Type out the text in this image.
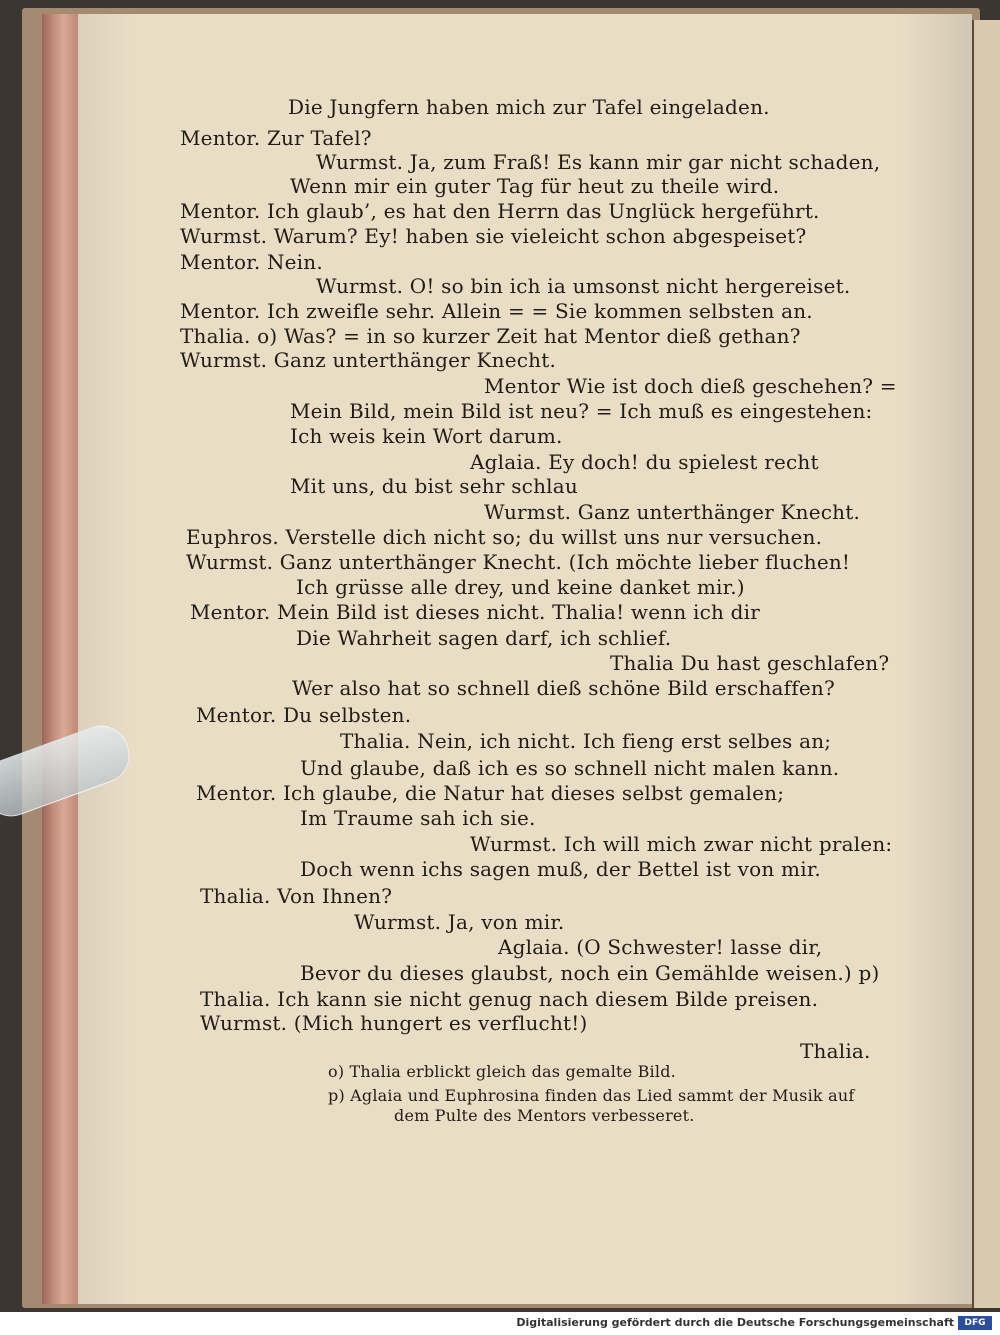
Die Jungfern haben mich zur Tafel eingeladen.
Mentor. Zur Tafel?
Wurmst. Ja, zum Fraß! Es kann mir gar nicht schaden,
Wenn mir ein guter Tag für heut zu theile wird.
Mentor. Ich glaub’, es hat den Herrn das Unglück hergeführt.
Wurmst. Warum? Ey! haben sie vieleicht schon abgespeiset?
Mentor. Nein.
Wurmst. O! so bin ich ia umsonst nicht hergereiset.
Mentor. Ich zweifle sehr. Allein = = Sie kommen selbsten an.
Thalia. o) Was? = in so kurzer Zeit hat Mentor dieß gethan?
Wurmst. Ganz unterthänger Knecht.
Mentor Wie ist doch dieß geschehen? =
Mein Bild, mein Bild ist neu? = Ich muß es eingestehen:
Ich weis kein Wort darum.
Aglaia. Ey doch! du spielest recht
Mit uns, du bist sehr schlau
Wurmst. Ganz unterthänger Knecht.
Euphros. Verstelle dich nicht so; du willst uns nur versuchen.
Wurmst. Ganz unterthänger Knecht. (Ich möchte lieber fluchen!
Ich grüsse alle drey, und keine danket mir.)
Mentor. Mein Bild ist dieses nicht. Thalia! wenn ich dir
Die Wahrheit sagen darf, ich schlief.
Thalia Du hast geschlafen?
Wer also hat so schnell dieß schöne Bild erschaffen?
Mentor. Du selbsten.
Thalia. Nein, ich nicht. Ich fieng erst selbes an;
Und glaube, daß ich es so schnell nicht malen kann.
Mentor. Ich glaube, die Natur hat dieses selbst gemalen;
Im Traume sah ich sie.
Wurmst. Ich will mich zwar nicht pralen:
Doch wenn ichs sagen muß, der Bettel ist von mir.
Thalia. Von Ihnen?
Wurmst. Ja, von mir.
Aglaia. (O Schwester! lasse dir,
Bevor du dieses glaubst, noch ein Gemählde weisen.) p)
Thalia. Ich kann sie nicht genug nach diesem Bilde preisen.
Wurmst. (Mich hungert es verflucht!)
Thalia.
o) Thalia erblickt gleich das gemalte Bild.
p) Aglaia und Euphrosina finden das Lied sammt der Musik auf
dem Pulte des Mentors verbesseret.
Digitalisierung gefördert durch die Deutsche Forschungsgemeinschaft	DFG
